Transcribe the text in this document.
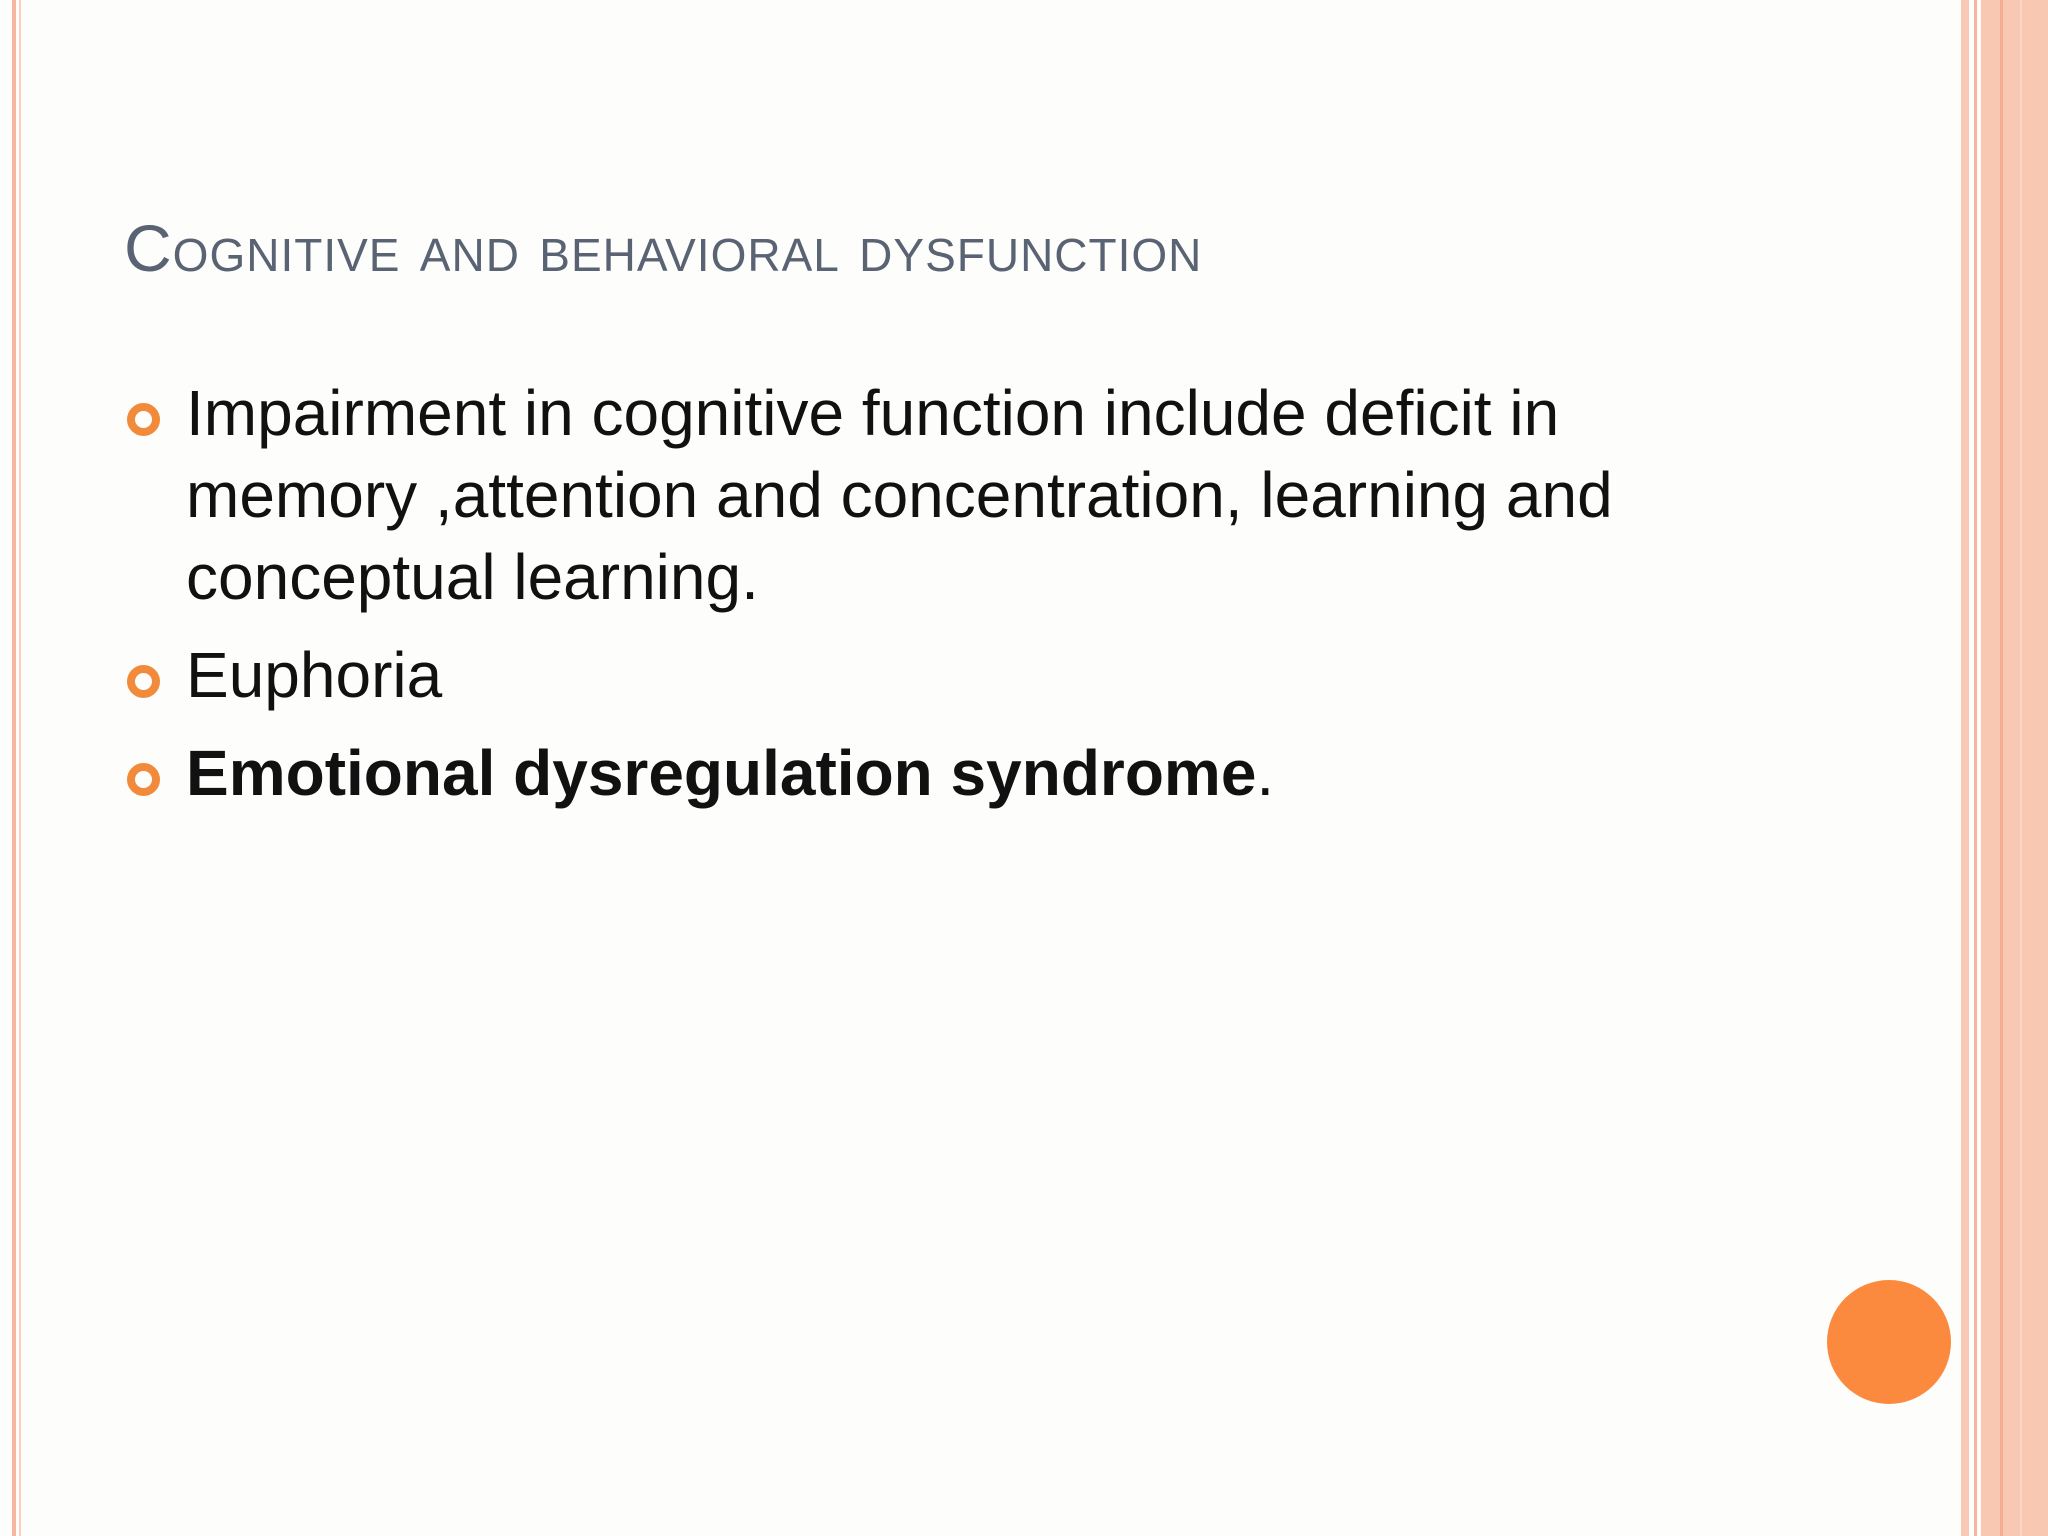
Cognitive and behavioral dysfunction
Impairment in cognitive function include deficit in memory ,attention and concentration, learning and conceptual learning.
Euphoria
Emotional dysregulation syndrome.
